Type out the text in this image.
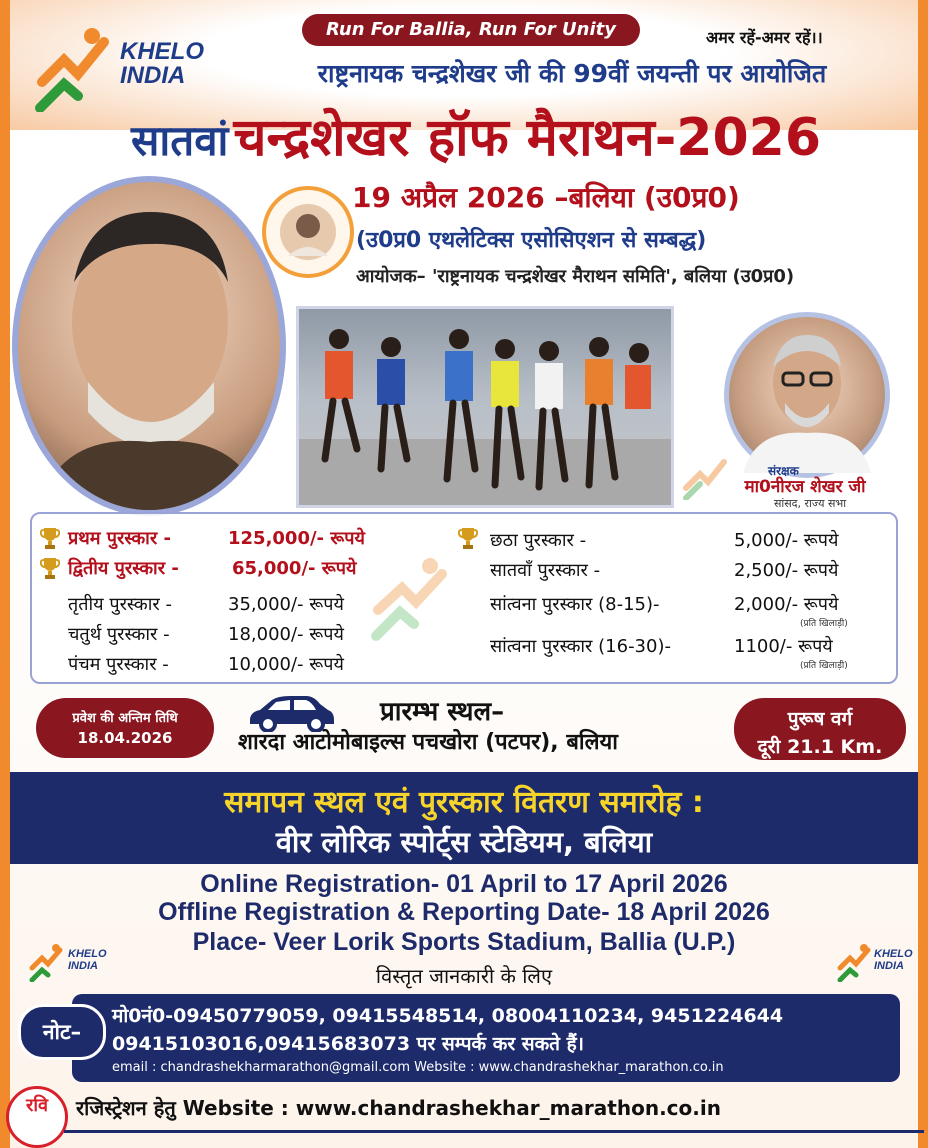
KHELO
INDIA
Run For Ballia, Run For Unity	अमर रहें-अमर रहें।।
राष्ट्रनायक चन्द्रशेखर जी की 99वीं जयन्ती पर आयोजित
सातवां चन्द्रशेखर हॉफ मैराथन-2026
19 अप्रैल 2026 –बलिया (उ0प्र0)
(उ0प्र0 एथलेटिक्स एसोसिएशन से सम्बद्ध)
आयोजक– 'राष्ट्रनायक चन्द्रशेखर मैराथन समिति', बलिया (उ0प्र0)
संरक्षक
मा0नीरज शेखर जी
सांसद, राज्य सभा
प्रथम पुरस्कार -	125,000/- रूपये
द्वितीय पुरस्कार -	65,000/- रूपये
तृतीय पुरस्कार -	35,000/- रूपये
चतुर्थ पुरस्कार -	18,000/- रूपये
पंचम पुरस्कार -	10,000/- रूपये
छठा पुरस्कार -	5,000/- रूपये
सातवाँ पुरस्कार -	2,500/- रूपये
सांत्वना पुरस्कार (8-15)-	2,000/- रूपये
(प्रति खिलाड़ी)
सांत्वना पुरस्कार (16-30)-	1100/- रूपये
(प्रति खिलाड़ी)
प्रवेश की अन्तिम तिथि
18.04.2026
प्रारम्भ स्थल–
शारदा आटोमोबाइल्स पचखोरा (पटपर), बलिया
पुरूष वर्ग
दूरी 21.1 Km.
समापन स्थल एवं पुरस्कार वितरण समारोह :
वीर लोरिक स्पोर्ट्स स्टेडियम, बलिया
Online Registration- 01 April to 17 April 2026
Offline Registration & Reporting Date- 18 April 2026
Place- Veer Lorik Sports Stadium, Ballia (U.P.)
KHELO
INDIA
KHELO
INDIA
विस्तृत जानकारी के लिए
नोट–
मो0नं0-09450779059, 09415548514, 08004110234, 9451224644
09415103016,09415683073 पर सम्पर्क कर सकते हैं।
email : chandrashekharmarathon@gmail.com Website : www.chandrashekhar_marathon.co.in
रवि	रजिस्ट्रेशन हेतु Website : www.chandrashekhar_marathon.co.in
